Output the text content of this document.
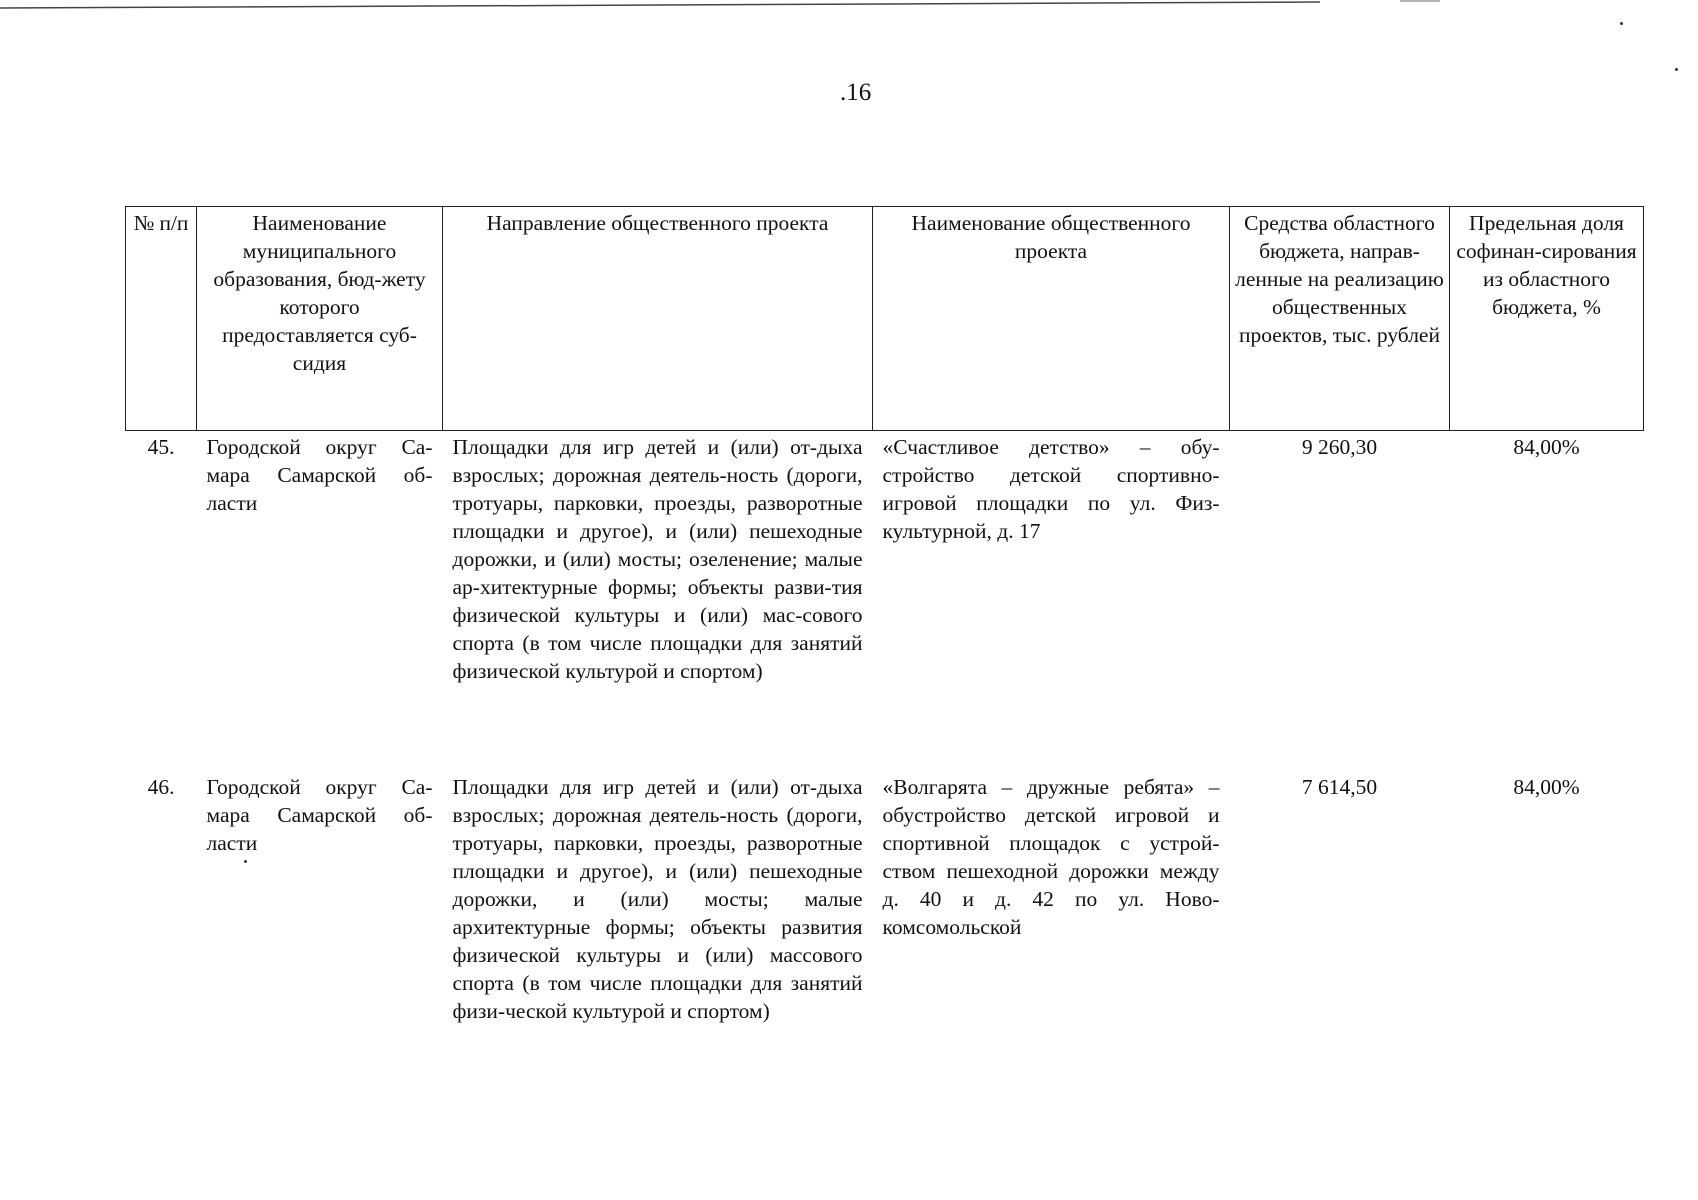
.16
№ п/п	Наименование муниципального образования, бюд-жету которого предоставляется суб-сидия	Направление общественного проекта	Наименование общественного проекта	Средства областного бюджета, направ-ленные на реализацию общественных проектов, тыс. рублей	Предельная доля софинан-сирования из областного бюджета, %
45.	Городской округ Са-мара Самарской об-ласти	Площадки для игр детей и (или) от-дыха взрослых; дорожная деятель-ность (дороги, тротуары, парковки, проезды, разворотные площадки и другое), и (или) пешеходные дорожки, и (или) мосты; озеленение; малые ар-хитектурные формы; объекты разви-тия физической культуры и (или) мас-сового спорта (в том числе площадки для занятий физической культурой и спортом)	«Счастливое детство» – обу-стройство детской спортивно-игровой площадки по ул. Физ-культурной, д. 17	9 260,30	84,00%
46.	Городской округ Са-мара Самарской об-ласти	Площадки для игр детей и (или) от-дыха взрослых; дорожная деятель-ность (дороги, тротуары, парковки, проезды, разворотные площадки и другое), и (или) пешеходные дорожки, и (или) мосты; малые архитектурные формы; объекты развития физической культуры и (или) массового спорта (в том числе площадки для занятий физи-ческой культурой и спортом)	«Волгарята – дружные ребята» – обустройство детской игровой и спортивной площадок с устрой-ством пешеходной дорожки между д. 40 и д. 42 по ул. Ново-комсомольской	7 614,50	84,00%
